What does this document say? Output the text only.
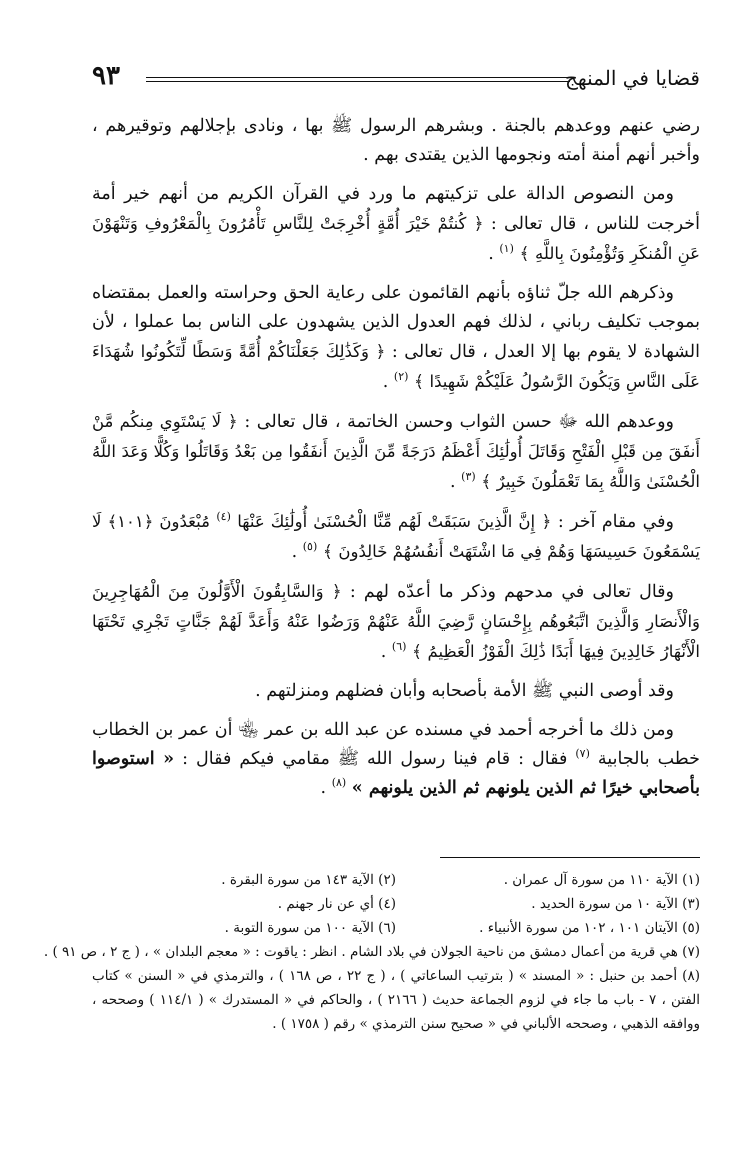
٩٣	قضايا في المنهج

رضي عنهم ووعدهم بالجنة . وبشرهم الرسول ﷺ بها ، ونادى بإجلالهم وتوقيرهم ، وأخبر أنهم أمنة أمته ونجومها الذين يقتدى بهم .

ومن النصوص الدالة على تزكيتهم ما ورد في القرآن الكريم من أنهم خير أمة أخرجت للناس ، قال تعالى : ﴿ كُنتُمْ خَيْرَ أُمَّةٍ أُخْرِجَتْ لِلنَّاسِ تَأْمُرُونَ بِالْمَعْرُوفِ وَتَنْهَوْنَ عَنِ الْمُنكَرِ وَتُؤْمِنُونَ بِاللَّهِ ﴾ $^{(١)}$ .

وذكرهم الله جلّ ثناؤه بأنهم القائمون على رعاية الحق وحراسته والعمل بمقتضاه بموجب تكليف رباني ، لذلك فهم العدول الذين يشهدون على الناس بما عملوا ، لأن الشهادة لا يقوم بها إلا العدل ، قال تعالى : ﴿ وَكَذَٰلِكَ جَعَلْنَاكُمْ أُمَّةً وَسَطًا لِّتَكُونُوا شُهَدَاءَ عَلَى النَّاسِ وَيَكُونَ الرَّسُولُ عَلَيْكُمْ شَهِيدًا ﴾ $^{(٢)}$ .

ووعدهم الله ﷻ حسن الثواب وحسن الخاتمة ، قال تعالى : ﴿ لَا يَسْتَوِي مِنكُم مَّنْ أَنفَقَ مِن قَبْلِ الْفَتْحِ وَقَاتَلَ أُولَٰئِكَ أَعْظَمُ دَرَجَةً مِّنَ الَّذِينَ أَنفَقُوا مِن بَعْدُ وَقَاتَلُوا وَكُلًّا وَعَدَ اللَّهُ الْحُسْنَىٰ وَاللَّهُ بِمَا تَعْمَلُونَ خَبِيرٌ ﴾ $^{(٣)}$ .

وفي مقام آخر : ﴿ إِنَّ الَّذِينَ سَبَقَتْ لَهُم مِّنَّا الْحُسْنَىٰ أُولَٰئِكَ عَنْهَا $^{(٤)}$ مُبْعَدُونَ ﴿١٠١﴾ لَا يَسْمَعُونَ حَسِيسَهَا وَهُمْ فِي مَا اشْتَهَتْ أَنفُسُهُمْ خَالِدُونَ ﴾ $^{(٥)}$ .

وقال تعالى في مدحهم وذكر ما أعدّه لهم : ﴿ وَالسَّابِقُونَ الْأَوَّلُونَ مِنَ الْمُهَاجِرِينَ وَالْأَنصَارِ وَالَّذِينَ اتَّبَعُوهُم بِإِحْسَانٍ رَّضِيَ اللَّهُ عَنْهُمْ وَرَضُوا عَنْهُ وَأَعَدَّ لَهُمْ جَنَّاتٍ تَجْرِي تَحْتَهَا الْأَنْهَارُ خَالِدِينَ فِيهَا أَبَدًا ذَٰلِكَ الْفَوْزُ الْعَظِيمُ ﴾ $^{(٦)}$ .

وقد أوصى النبي ﷺ الأمة بأصحابه وأبان فضلهم ومنزلتهم .

ومن ذلك ما أخرجه أحمد في مسنده عن عبد الله بن عمر ﵄ أن عمر بن الخطاب خطب بالجابية $^{(٧)}$ فقال : قام فينا رسول الله ﷺ مقامي فيكم فقال : « استوصوا بأصحابي خيرًا ثم الذين يلونهم ثم الذين يلونهم » $^{(٨)}$ .

(١) الآية ١١٠ من سورة آل عمران .
(٢) الآية ١٤٣ من سورة البقرة .
(٣) الآية ١٠ من سورة الحديد .
(٤) أي عن نار جهنم .
(٥) الآيتان ١٠١ ، ١٠٢ من سورة الأنبياء .
(٦) الآية ١٠٠ من سورة التوبة .

(٧) هي قرية من أعمال دمشق من ناحية الجولان في بلاد الشام . انظر : ياقوت : « معجم البلدان » ، ( ج ٢ ، ص ٩١ ) .

(٨) أحمد بن حنبل : « المسند » ( بترتيب الساعاتي ) ، ( ج ٢٢ ، ص ١٦٨ ) ، والترمذي في « السنن » كتاب الفتن ، ٧ - باب ما جاء في لزوم الجماعة حديث ( ٢١٦٦ ) ، والحاكم في « المستدرك » ( ١١٤/١ ) وصححه ، ووافقه الذهبي ، وصححه الألباني في « صحيح سنن الترمذي » رقم ( ١٧٥٨ ) .
